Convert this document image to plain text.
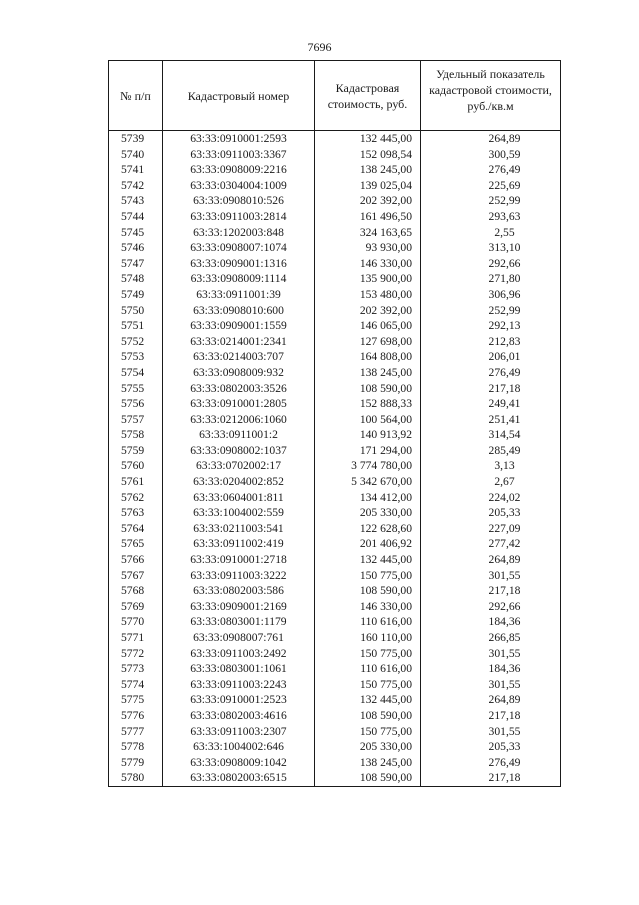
7696
№ п/п	Кадастровый номер	Кадастровая стоимость, руб.	Удельный показатель кадастровой стоимости, руб./кв.м
5739	63:33:0910001:2593	132 445,00	264,89
5740	63:33:0911003:3367	152 098,54	300,59
5741	63:33:0908009:2216	138 245,00	276,49
5742	63:33:0304004:1009	139 025,04	225,69
5743	63:33:0908010:526	202 392,00	252,99
5744	63:33:0911003:2814	161 496,50	293,63
5745	63:33:1202003:848	324 163,65	2,55
5746	63:33:0908007:1074	93 930,00	313,10
5747	63:33:0909001:1316	146 330,00	292,66
5748	63:33:0908009:1114	135 900,00	271,80
5749	63:33:0911001:39	153 480,00	306,96
5750	63:33:0908010:600	202 392,00	252,99
5751	63:33:0909001:1559	146 065,00	292,13
5752	63:33:0214001:2341	127 698,00	212,83
5753	63:33:0214003:707	164 808,00	206,01
5754	63:33:0908009:932	138 245,00	276,49
5755	63:33:0802003:3526	108 590,00	217,18
5756	63:33:0910001:2805	152 888,33	249,41
5757	63:33:0212006:1060	100 564,00	251,41
5758	63:33:0911001:2	140 913,92	314,54
5759	63:33:0908002:1037	171 294,00	285,49
5760	63:33:0702002:17	3 774 780,00	3,13
5761	63:33:0204002:852	5 342 670,00	2,67
5762	63:33:0604001:811	134 412,00	224,02
5763	63:33:1004002:559	205 330,00	205,33
5764	63:33:0211003:541	122 628,60	227,09
5765	63:33:0911002:419	201 406,92	277,42
5766	63:33:0910001:2718	132 445,00	264,89
5767	63:33:0911003:3222	150 775,00	301,55
5768	63:33:0802003:586	108 590,00	217,18
5769	63:33:0909001:2169	146 330,00	292,66
5770	63:33:0803001:1179	110 616,00	184,36
5771	63:33:0908007:761	160 110,00	266,85
5772	63:33:0911003:2492	150 775,00	301,55
5773	63:33:0803001:1061	110 616,00	184,36
5774	63:33:0911003:2243	150 775,00	301,55
5775	63:33:0910001:2523	132 445,00	264,89
5776	63:33:0802003:4616	108 590,00	217,18
5777	63:33:0911003:2307	150 775,00	301,55
5778	63:33:1004002:646	205 330,00	205,33
5779	63:33:0908009:1042	138 245,00	276,49
5780	63:33:0802003:6515	108 590,00	217,18
